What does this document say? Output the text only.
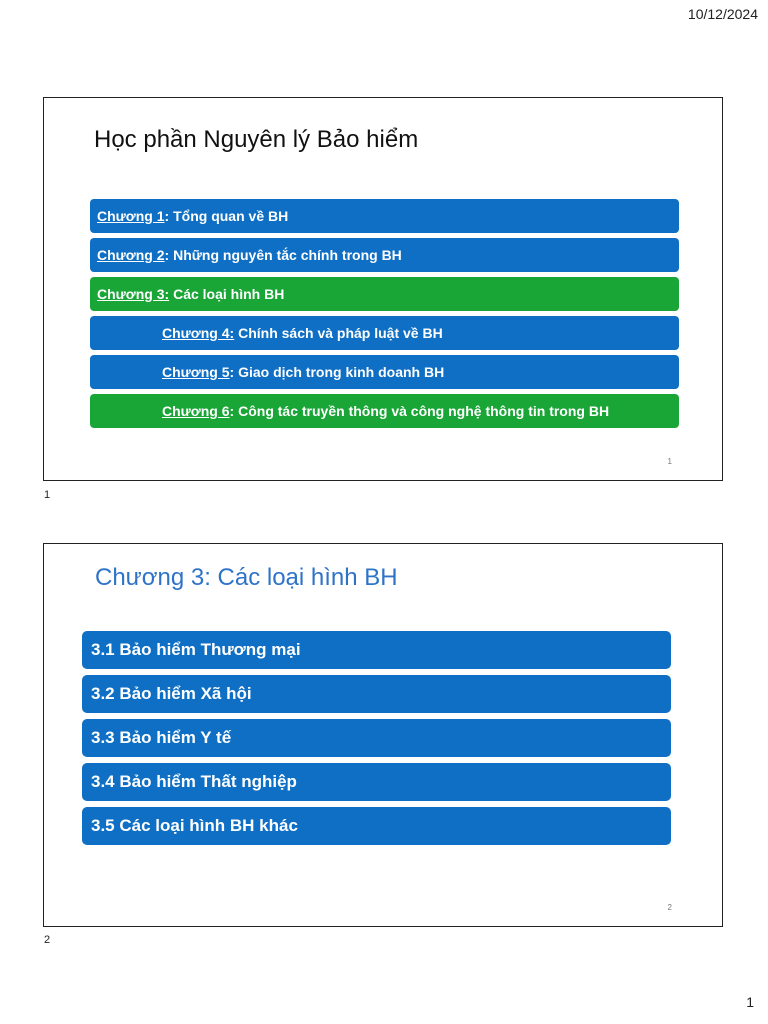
10/12/2024
Học phần Nguyên lý Bảo hiểm
Chương 1: Tổng quan về BH
Chương 2: Những nguyên tắc chính trong BH
Chương 3: Các loại hình BH
Chương 4: Chính sách và pháp luật về BH
Chương 5: Giao dịch trong kinh doanh BH
Chương 6: Công tác truyền thông và công nghệ thông tin trong BH
1
1
Chương 3: Các loại hình BH
3.1 Bảo hiểm Thương mại
3.2 Bảo hiểm Xã hội
3.3 Bảo hiểm Y tế
3.4 Bảo hiểm Thất nghiệp
3.5 Các loại hình BH khác
2
2
1
